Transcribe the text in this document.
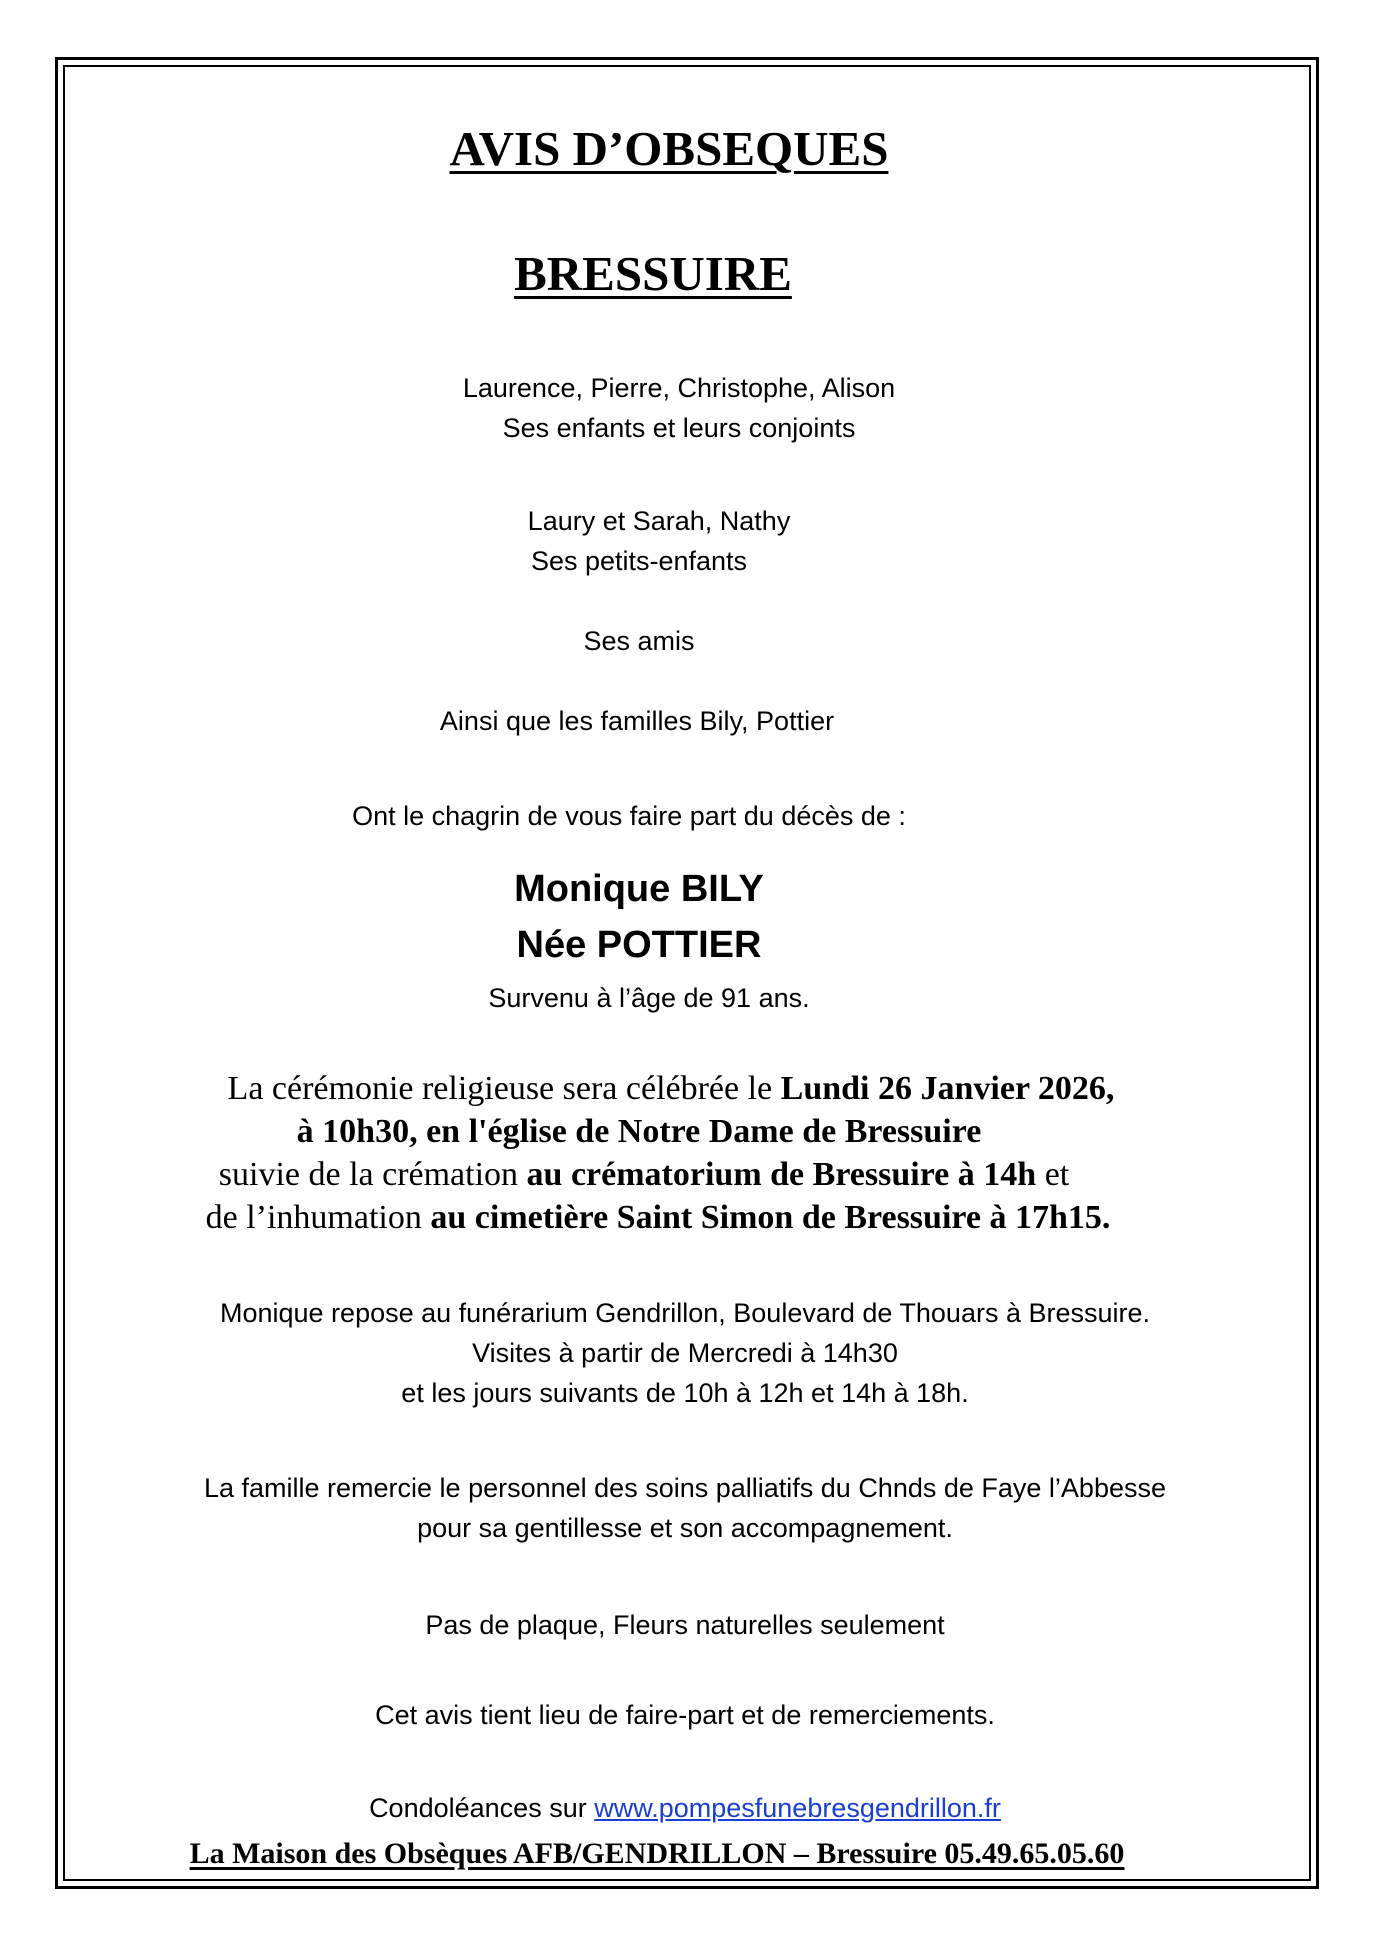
AVIS D’OBSEQUES
BRESSUIRE
Laurence, Pierre, Christophe, Alison
Ses enfants et leurs conjoints
Laury et Sarah, Nathy
Ses petits-enfants
Ses amis
Ainsi que les familles Bily, Pottier
Ont le chagrin de vous faire part du décès de :
Monique BILY
Née POTTIER
Survenu à l’âge de 91 ans.
La cérémonie religieuse sera célébrée le Lundi 26 Janvier 2026,
à 10h30, en l'église de Notre Dame de Bressuire
suivie de la crémation au crématorium de Bressuire à 14h et
de l’inhumation au cimetière Saint Simon de Bressuire à 17h15.
Monique repose au funérarium Gendrillon, Boulevard de Thouars à Bressuire.
Visites à partir de Mercredi à 14h30
et les jours suivants de 10h à 12h et 14h à 18h.
La famille remercie le personnel des soins palliatifs du Chnds de Faye l’Abbesse
pour sa gentillesse et son accompagnement.
Pas de plaque, Fleurs naturelles seulement
Cet avis tient lieu de faire-part et de remerciements.
Condoléances sur www.pompesfunebresgendrillon.fr
La Maison des Obsèques AFB/GENDRILLON – Bressuire 05.49.65.05.60
